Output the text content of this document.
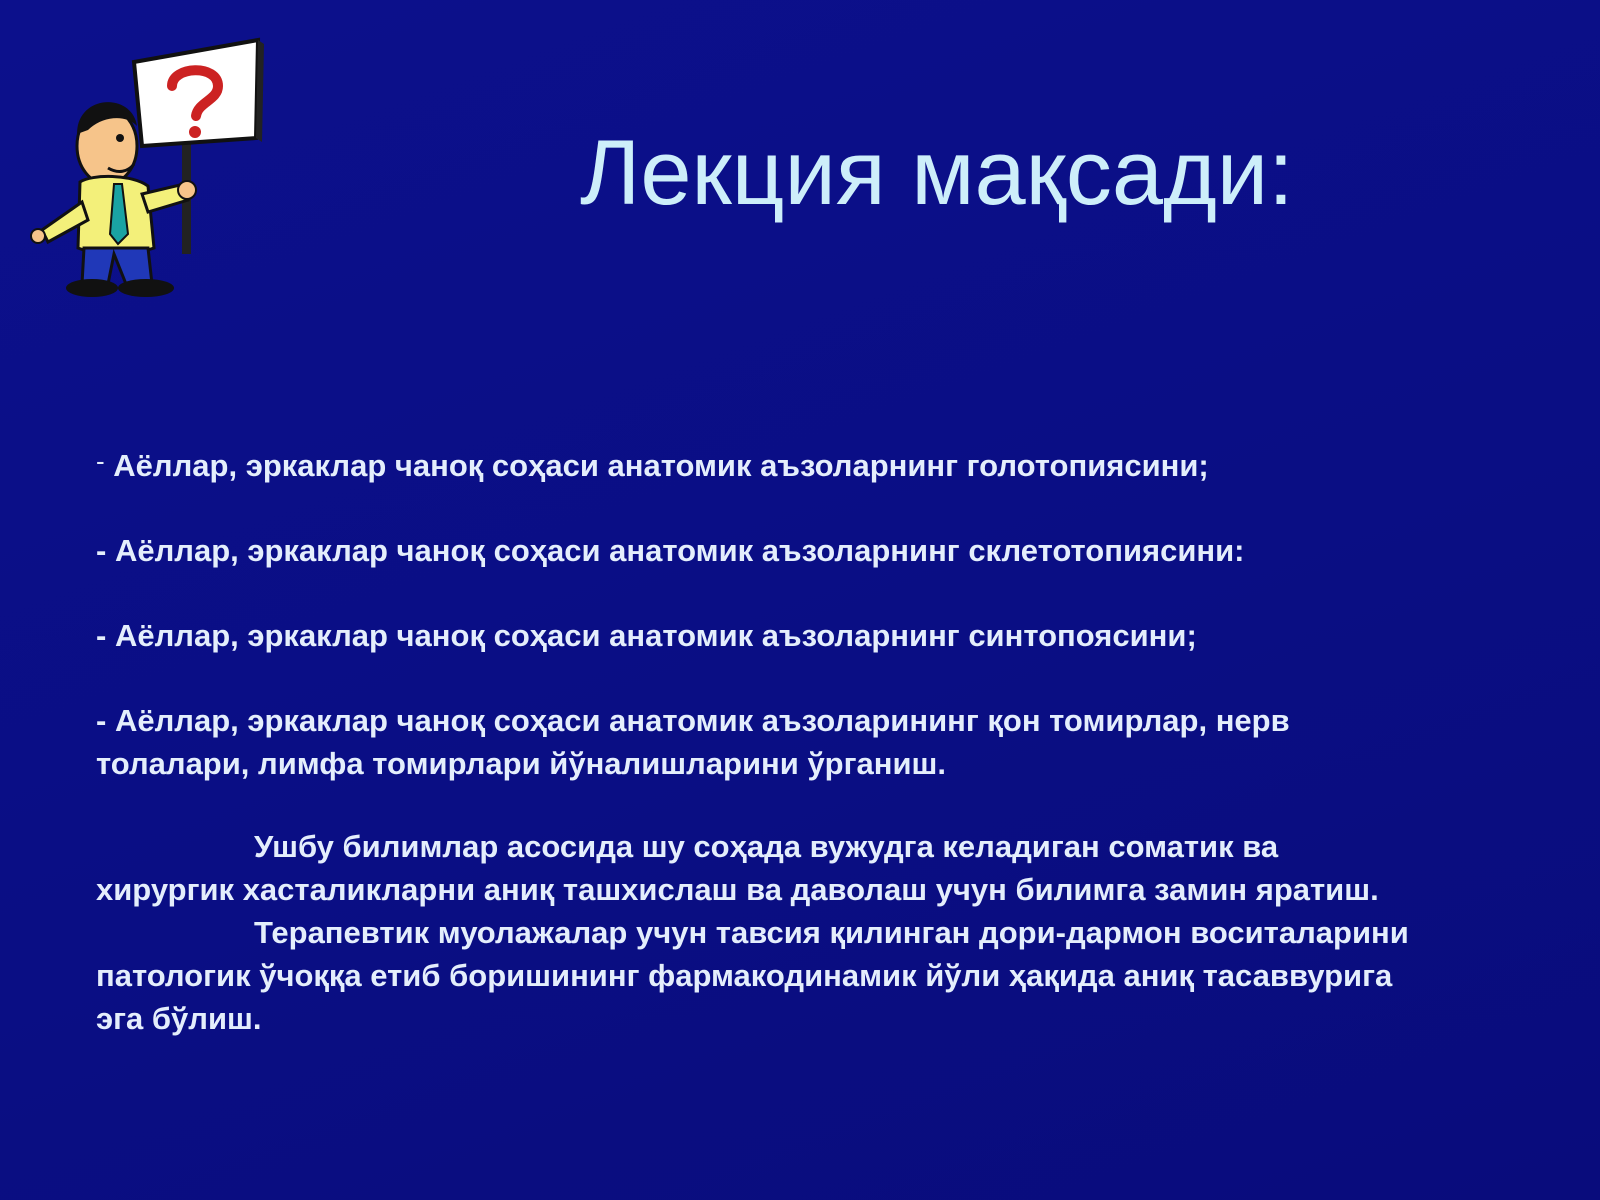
Лекция мақсади:

- Аёллар, эркаклар чаноқ соҳаси анатомик аъзоларнинг голотопиясини;

- Аёллар, эркаклар чаноқ соҳаси анатомик аъзоларнинг склетотопиясини:

- Аёллар, эркаклар чаноқ соҳаси анатомик аъзоларнинг синтопоясини;

- Аёллар, эркаклар чаноқ соҳаси анатомик аъзоларининг қон томирлар, нерв

толалари, лимфа томирлари йўналишларини ўрганиш.

Ушбу билимлар асосида шу соҳада вужудга келадиган соматик ва

хирургик хасталикларни аниқ ташхислаш ва даволаш учун билимга замин яратиш.

Терапевтик муолажалар учун тавсия қилинган дори-дармон воситаларини

патологик ўчоққа етиб боришининг фармакодинамик йўли ҳақида аниқ тасаввурига

эга бўлиш.
